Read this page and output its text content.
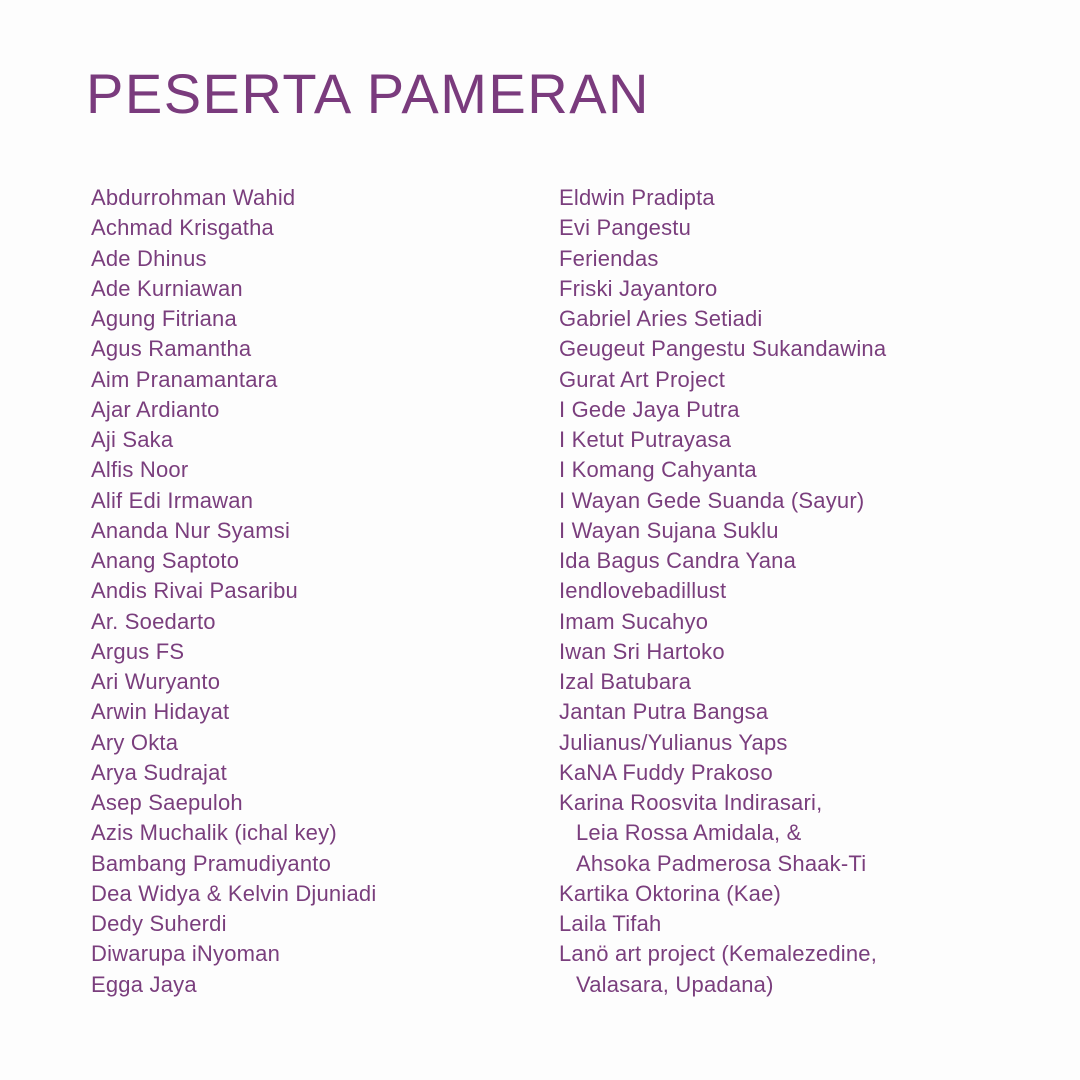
PESERTA PAMERAN
Abdurrohman Wahid
Achmad Krisgatha
Ade Dhinus
Ade Kurniawan
Agung Fitriana
Agus Ramantha
Aim Pranamantara
Ajar Ardianto
Aji Saka
Alfis Noor
Alif Edi Irmawan
Ananda Nur Syamsi
Anang Saptoto
Andis Rivai Pasaribu
Ar. Soedarto
Argus FS
Ari Wuryanto
Arwin Hidayat
Ary Okta
Arya Sudrajat
Asep Saepuloh
Azis Muchalik (ichal key)
Bambang Pramudiyanto
Dea Widya & Kelvin Djuniadi
Dedy Suherdi
Diwarupa iNyoman
Egga Jaya
Eldwin Pradipta
Evi Pangestu
Feriendas
Friski Jayantoro
Gabriel Aries Setiadi
Geugeut Pangestu Sukandawina
Gurat Art Project
I Gede Jaya Putra
I Ketut Putrayasa
I Komang Cahyanta
I Wayan Gede Suanda (Sayur)
I Wayan Sujana Suklu
Ida Bagus Candra Yana
Iendlovebadillust
Imam Sucahyo
Iwan Sri Hartoko
Izal Batubara
Jantan Putra Bangsa
Julianus/Yulianus Yaps
KaNA Fuddy Prakoso
Karina Roosvita Indirasari,
Leia Rossa Amidala, &
Ahsoka Padmerosa Shaak-Ti
Kartika Oktorina (Kae)
Laila Tifah
Lanö art project (Kemalezedine,
Valasara, Upadana)
